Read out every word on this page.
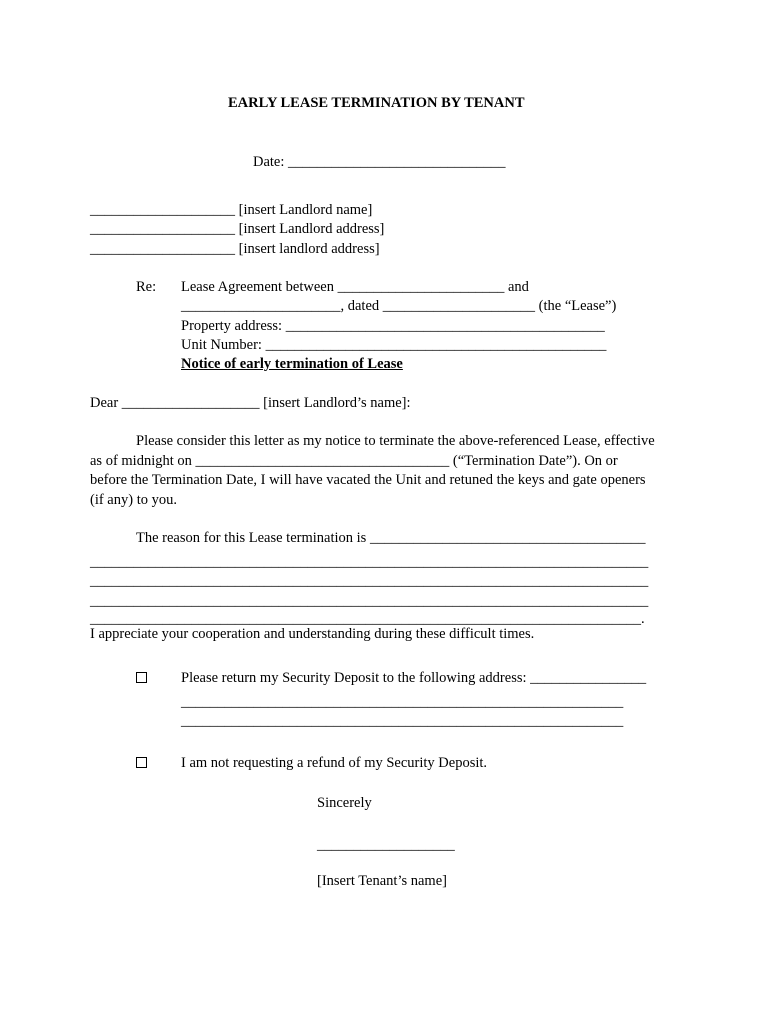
EARLY LEASE TERMINATION BY TENANT
Date: ______________________________
____________________ [insert Landlord name]
____________________ [insert Landlord address]
____________________ [insert landlord address]
Re: Lease Agreement between _______________________ and
______________________, dated _____________________ (the “Lease”)
Property address: ____________________________________________
Unit Number: _______________________________________________
Notice of early termination of Lease
Dear ___________________ [insert Landlord’s name]:
Please consider this letter as my notice to terminate the above-referenced Lease, effective
as of midnight on ___________________________________ (“Termination Date”). On or
before the Termination Date, I will have vacated the Unit and retuned the keys and gate openers
(if any) to you.
The reason for this Lease termination is ______________________________________
_____________________________________________________________________________
_____________________________________________________________________________
_____________________________________________________________________________
____________________________________________________________________________.
I appreciate your cooperation and understanding during these difficult times.
Please return my Security Deposit to the following address: ________________
_____________________________________________________________
_____________________________________________________________
I am not requesting a refund of my Security Deposit.
Sincerely
___________________
[Insert Tenant’s name]
